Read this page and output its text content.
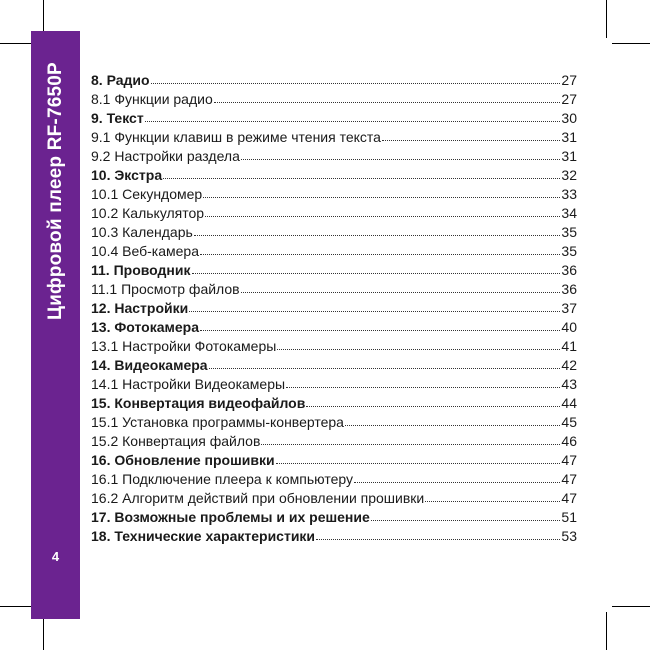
Цифровой плеер RF-7650P
4
8. Радио	27
8.1 Функции радио	27
9. Текст	30
9.1 Функции клавиш в режиме чтения текста	31
9.2 Настройки раздела	31
10. Экстра	32
10.1 Секундомер	33
10.2 Калькулятор	34
10.3 Календарь	35
10.4 Веб-камера	35
11. Проводник	36
11.1 Просмотр файлов	36
12. Настройки	37
13. Фотокамера	40
13.1 Настройки Фотокамеры	41
14. Видеокамера	42
14.1 Настройки Видеокамеры	43
15. Конвертация видеофайлов	44
15.1 Установка программы-конвертера	45
15.2 Конвертация файлов	46
16. Обновление прошивки	47
16.1 Подключение плеера к компьютеру	47
16.2 Алгоритм действий при обновлении прошивки	47
17. Возможные проблемы и их решение	51
18. Технические характеристики	53
